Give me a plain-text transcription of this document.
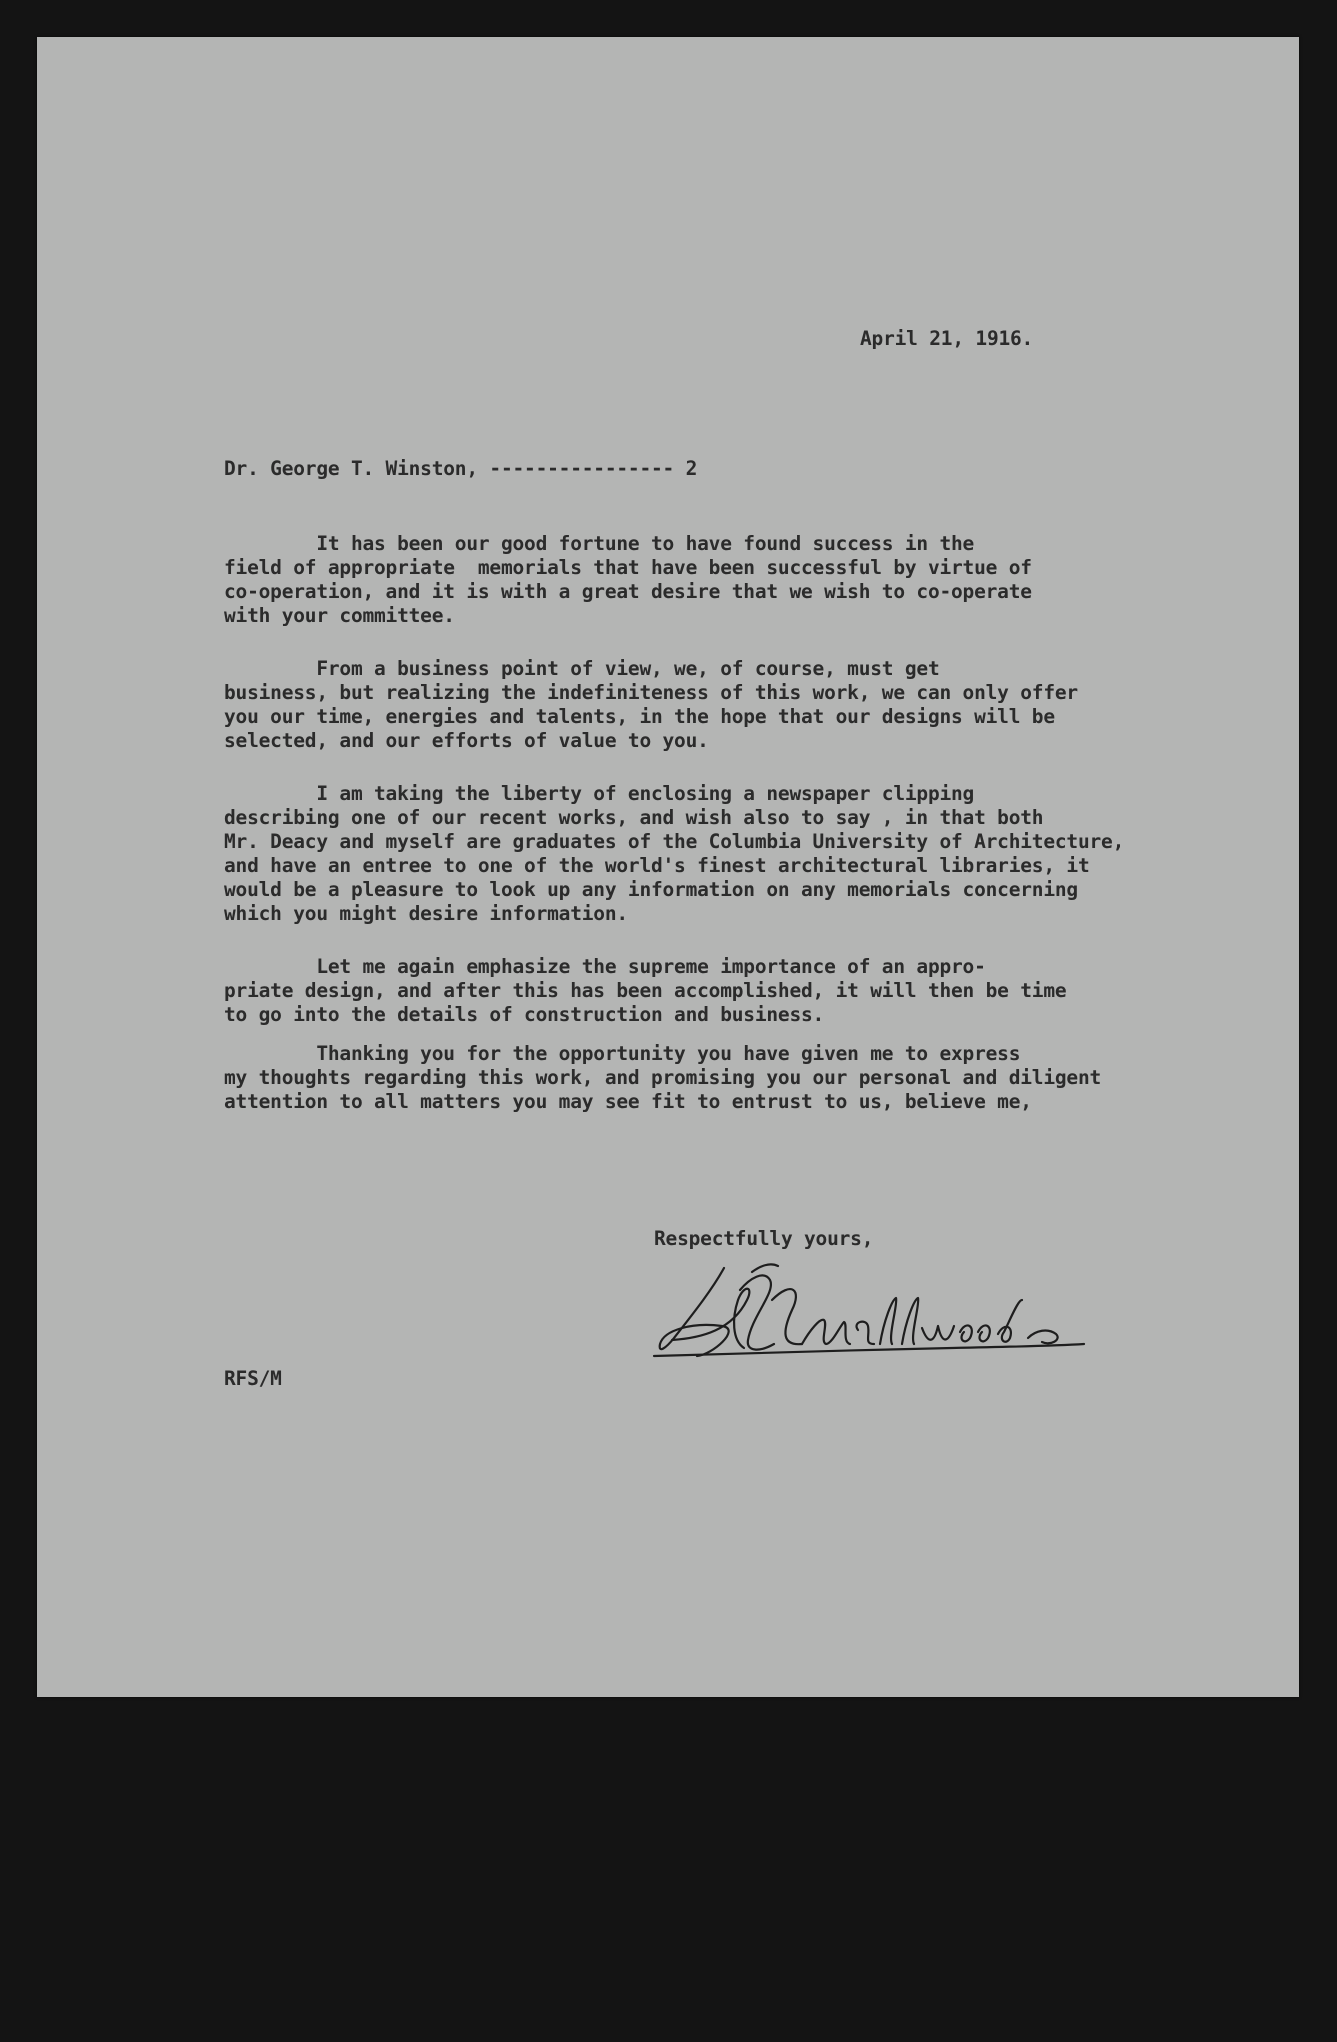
April 21, 1916.
Dr. George T. Winston, ---------------- 2

It has been our good fortune to have found success in the

field of appropriate  memorials that have been successful by virtue of

co-operation, and it is with a great desire that we wish to co-operate

with your committee.

From a business point of view, we, of course, must get

business, but realizing the indefiniteness of this work, we can only offer

you our time, energies and talents, in the hope that our designs will be

selected, and our efforts of value to you.

I am taking the liberty of enclosing a newspaper clipping

describing one of our recent works, and wish also to say , in that both

Mr. Deacy and myself are graduates of the Columbia University of Architecture,

and have an entree to one of the world's finest architectural libraries, it

would be a pleasure to look up any information on any memorials concerning

which you might desire information.

Let me again emphasize the supreme importance of an appro-

priate design, and after this has been accomplished, it will then be time

to go into the details of construction and business.

Thanking you for the opportunity you have given me to express

my thoughts regarding this work, and promising you our personal and diligent

attention to all matters you may see fit to entrust to us, believe me,

Respectfully yours,
RFS/M
